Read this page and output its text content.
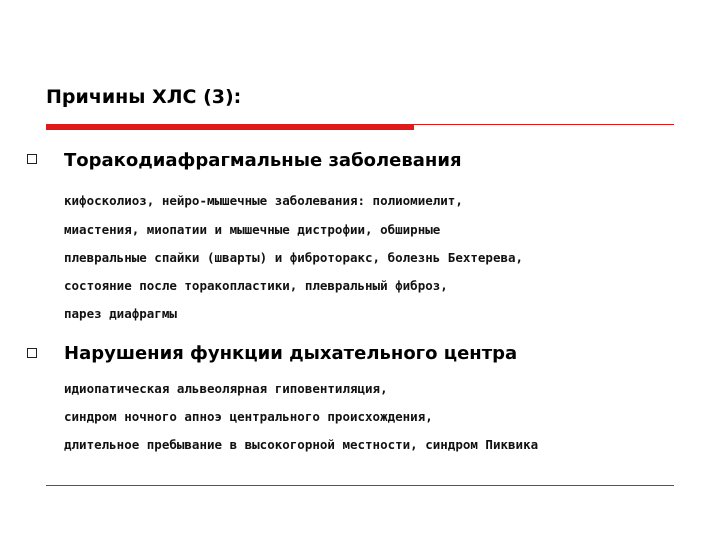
Причины ХЛС (3):
Торакодиафрагмальные заболевания
кифосколиоз, нейро-мышечные заболевания: полиомиелит,
миастения, миопатии и мышечные дистрофии, обширные
плевральные спайки (шварты) и фиброторакс, болезнь Бехтерева,
состояние после торакопластики, плевральный фиброз,
парез диафрагмы
Нарушения функции дыхательного центра
идиопатическая альвеолярная гиповентиляция,
синдром ночного апноэ центрального происхождения,
длительное пребывание в высокогорной местности, синдром Пиквика
